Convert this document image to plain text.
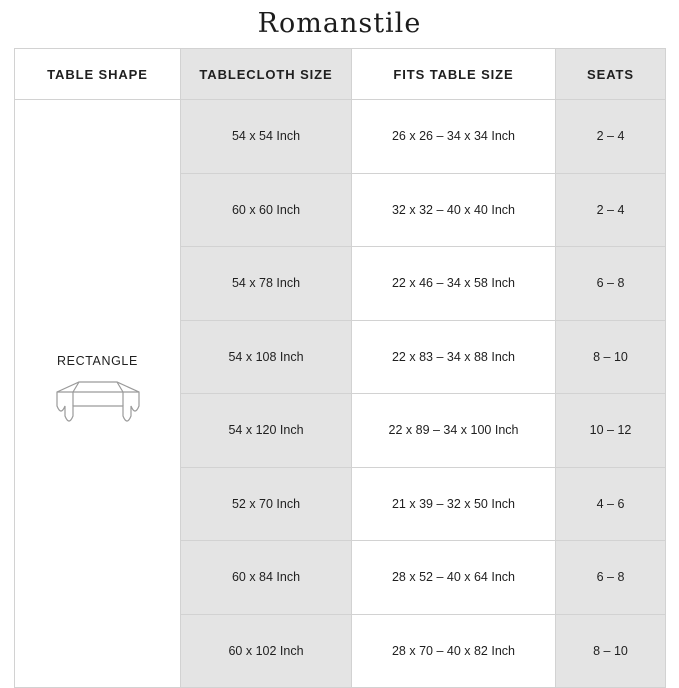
Romanstile
TABLE SHAPE	TABLECLOTH SIZE	FITS TABLE SIZE	SEATS

RECTANGLE	54 x 54 Inch	26 x 26 – 34 x 34 Inch	2 – 4
	60 x 60 Inch	32 x 32 – 40 x 40 Inch	2 – 4
	54 x 78 Inch	22 x 46 – 34 x 58 Inch	6 – 8
	54 x 108 Inch	22 x 83 – 34 x 88 Inch	8 – 10
	54 x 120 Inch	22 x 89 – 34 x 100 Inch	10 – 12
	52 x 70 Inch	21 x 39 – 32 x 50 Inch	4 – 6
	60 x 84 Inch	28 x 52 – 40 x 64 Inch	6 – 8
	60 x 102 Inch	28 x 70 – 40 x 82 Inch	8 – 10
